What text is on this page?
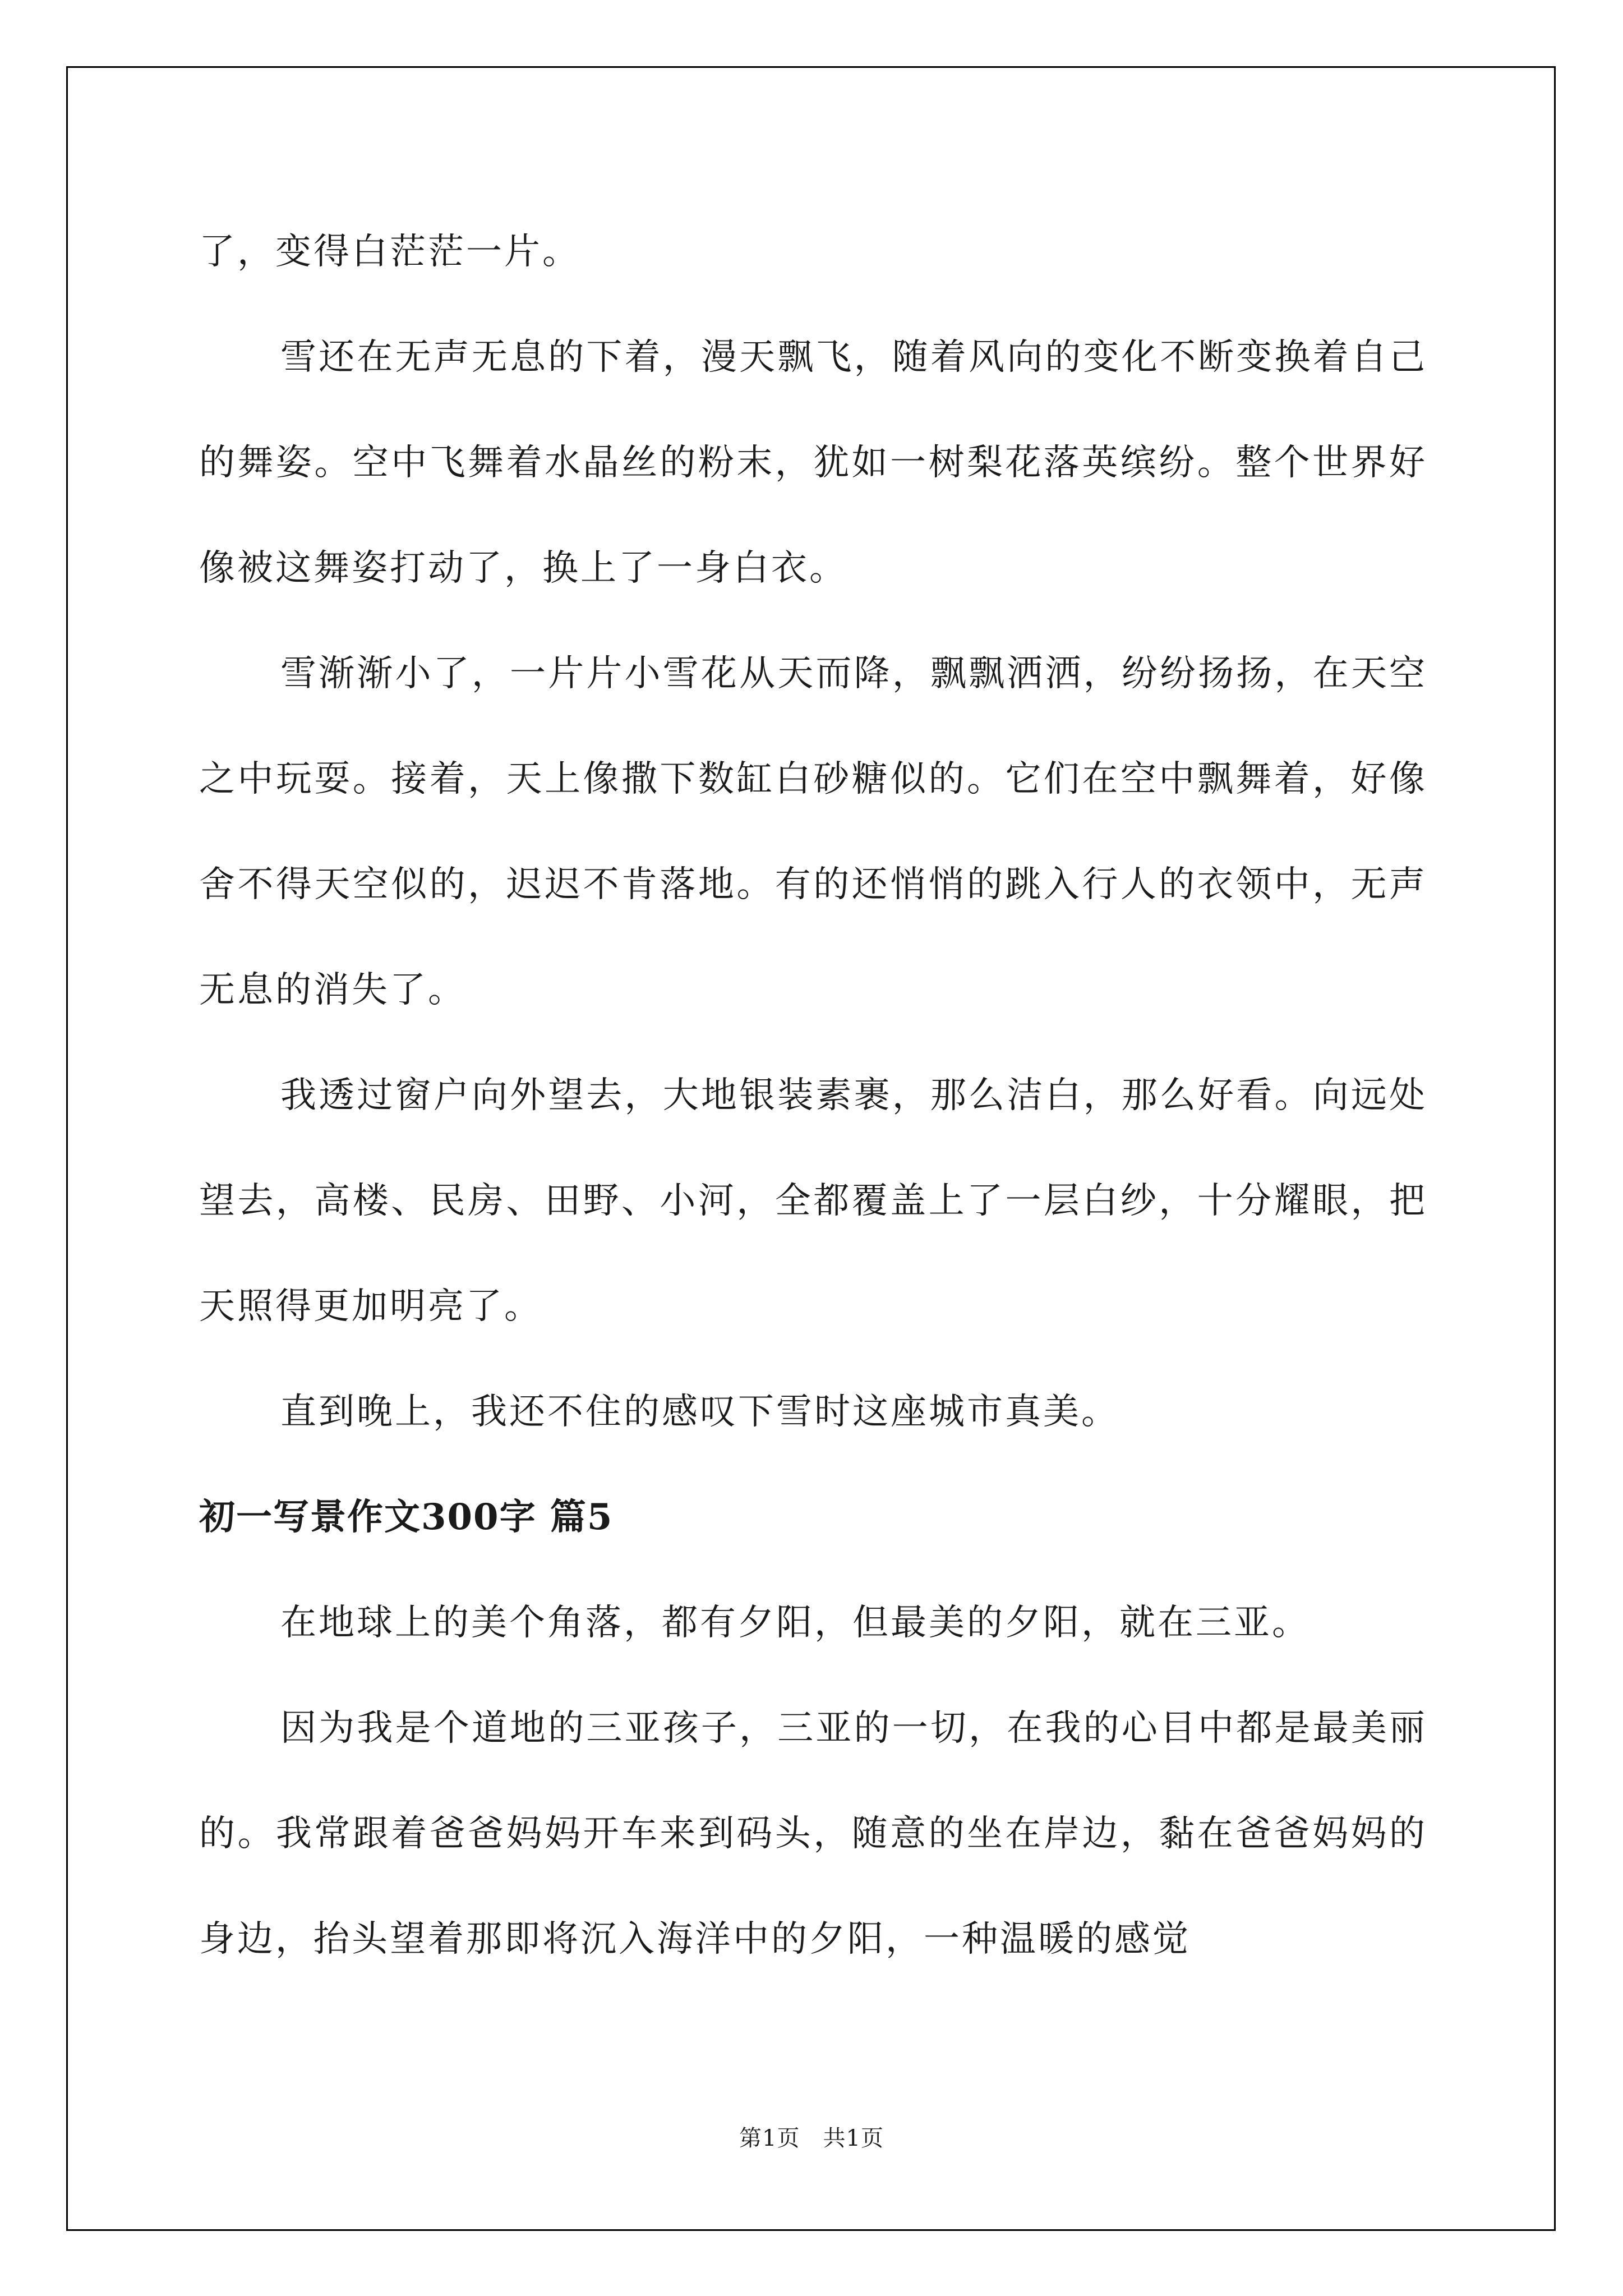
了，变得白茫茫一片。

雪还在无声无息的下着，漫天飘飞，随着风向的变化不断变换着自己的舞姿。空中飞舞着水晶丝的粉末，犹如一树梨花落英缤纷。整个世界好像被这舞姿打动了，换上了一身白衣。

雪渐渐小了，一片片小雪花从天而降，飘飘洒洒，纷纷扬扬，在天空之中玩耍。接着，天上像撒下数缸白砂糖似的。它们在空中飘舞着，好像舍不得天空似的，迟迟不肯落地。有的还悄悄的跳入行人的衣领中，无声无息的消失了。

我透过窗户向外望去，大地银装素裹，那么洁白，那么好看。向远处望去，高楼、民房、田野、小河，全都覆盖上了一层白纱，十分耀眼，把天照得更加明亮了。

直到晚上，我还不住的感叹下雪时这座城市真美。

初一写景作文300字 篇5

在地球上的美个角落，都有夕阳，但最美的夕阳，就在三亚。

因为我是个道地的三亚孩子，三亚的一切，在我的心目中都是最美丽的。我常跟着爸爸妈妈开车来到码头，随意的坐在岸边，黏在爸爸妈妈的身边，抬头望着那即将沉入海洋中的夕阳，一种温暖的感觉

第1页　共1页
